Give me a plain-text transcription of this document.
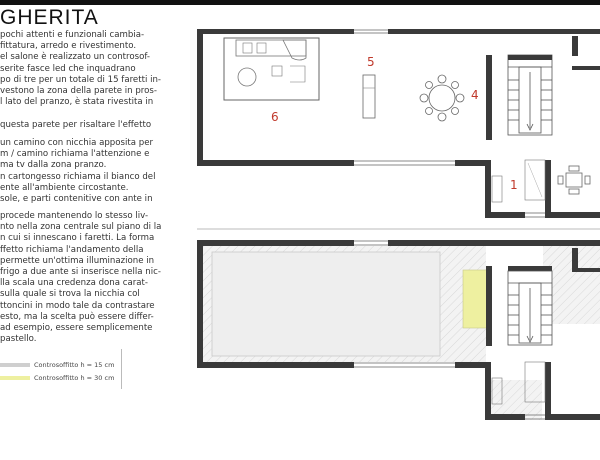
GHERITA
pochi attenti e funzionali cambia-
fittatura, arredo e rivestimento.
el salone è realizzato un controsof-
serite fasce led che inquadrano
po di tre per un totale di 15 faretti in-
vestono la zona della parete in pros-
l lato del pranzo, è stata rivestita in
questa parete per risaltare l'effetto
un camino con nicchia apposita per
m / camino richiama l'attenzione e
ma tv dalla zona pranzo.
n cartongesso richiama il bianco del
ente all'ambiente circostante.
sole, e parti contenitive con ante in
procede mantenendo lo stesso liv-
nto nella zona centrale sul piano di la
n cui si innescano i faretti. La forma
ffetto richiama l'andamento della
permette un'ottima illuminazione in
frigo a due ante si inserisce nella nic-
lla scala una credenza dona carat-
sulla quale si trova la nicchia col
ttoncini in modo tale da contrastare
esto, ma la scelta può essere differ-
ad esempio, essere semplicemente
pastello.
Controsoffitto h = 15 cm
Controsoffitto h = 30 cm
5
6
4
1
